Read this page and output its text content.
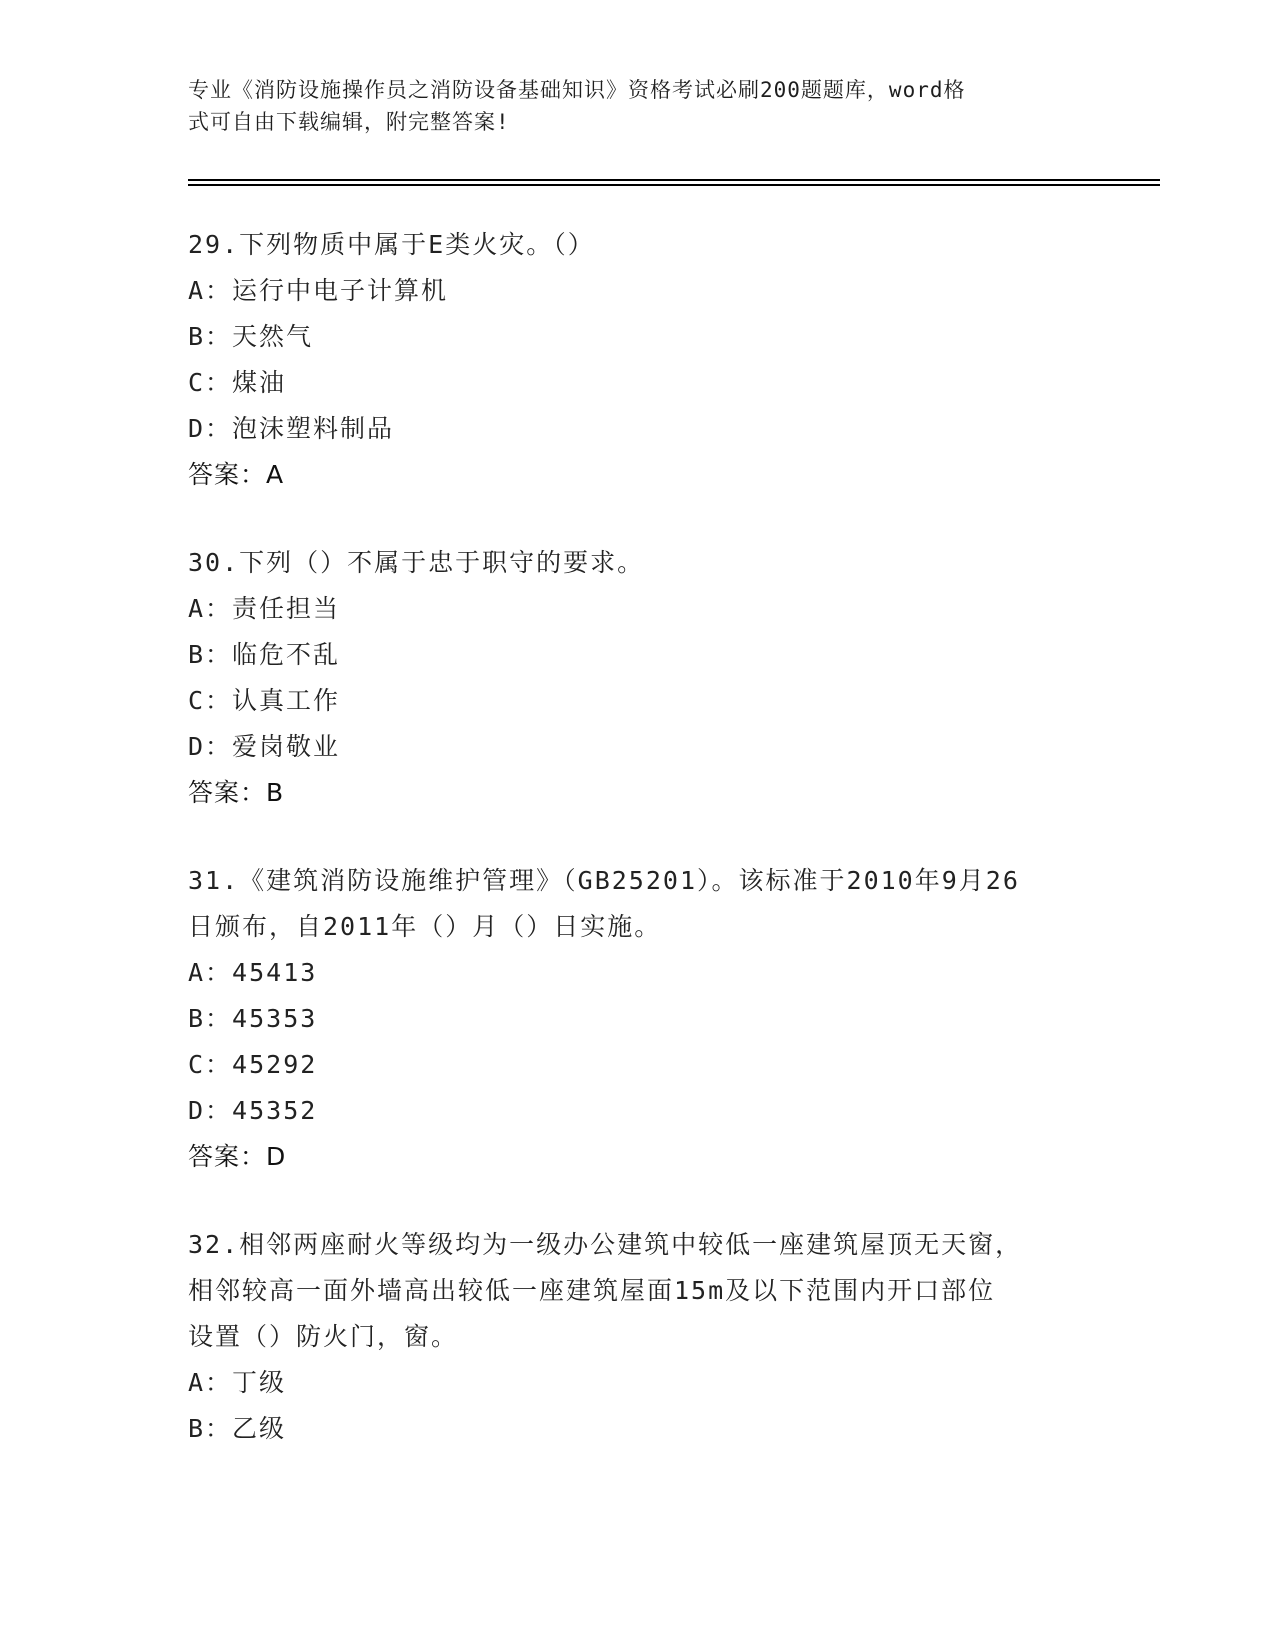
专业《消防设施操作员之消防设备基础知识》资格考试必刷200题题库，word格
式可自由下载编辑，附完整答案!
29.下列物质中属于E类火灾。（）
A：运行中电子计算机
B：天然气
C：煤油
D：泡沫塑料制品
答案：A
30.下列（）不属于忠于职守的要求。
A：责任担当
B：临危不乱
C：认真工作
D：爱岗敬业
答案：B
31.《建筑消防设施维护管理》（GB25201）。该标准于2010年9月26
日颁布，自2011年（）月（）日实施。
A：45413
B：45353
C：45292
D：45352
答案：D
32.相邻两座耐火等级均为一级办公建筑中较低一座建筑屋顶无天窗，
相邻较高一面外墙高出较低一座建筑屋面15m及以下范围内开口部位
设置（）防火门，窗。
A：丁级
B：乙级
